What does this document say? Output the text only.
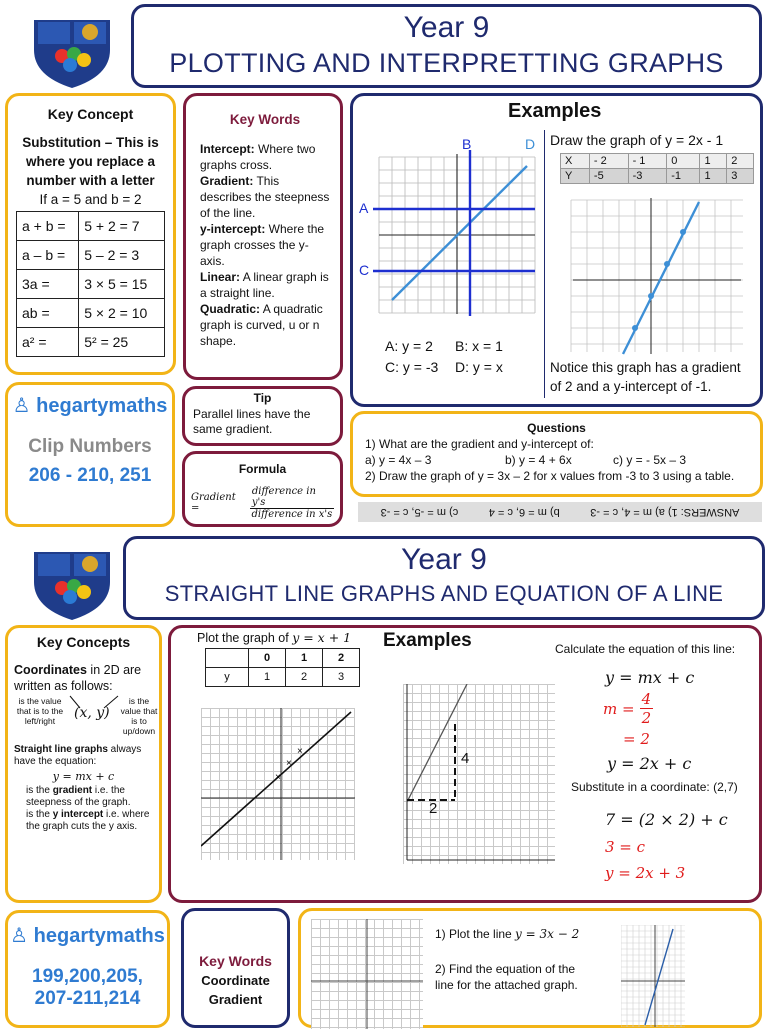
Year 9
PLOTTING AND INTERPRETTING GRAPHS
Key Concept
Substitution – This is where you replace a number with a letter
If a = 5 and b = 2
a + b =	5 + 2 = 7
a – b =	5 – 2 = 3
3a =	3 × 5 = 15
ab =	5 × 2 = 10
a² =	5² = 25
Key Words
Intercept: Where two graphs cross.
Gradient: This describes the steepness of the line.
y-intercept: Where the graph crosses the y-axis.
Linear: A linear graph is a straight line.
Quadratic: A quadratic graph is curved, u or n shape.
Examples
A
B
C
D
A: y = 2 B: x = 1
C: y = -3 D: y = x
Draw the graph of y = 2x - 1
X	- 2	- 1	0	1	2
Y	-5	-3	-1	1	3
Notice this graph has a gradient of 2 and a y-intercept of -1.
♙ hegartymaths
Clip Numbers
206 - 210, 251
Tip
Parallel lines have the same gradient.
Formula
Gradient =
difference in y's
difference in x's
Questions
1) What are the gradient and y-intercept of:
a) y = 4x – 3	b) y = 4 + 6x	c) y = - 5x – 3
2) Draw the graph of y = 3x – 2 for x values from -3 to 3 using a table.
ANSWERS: 1) a) m = 4, c = -3          b) m = 6, c = 4          c) m = -5, c = -3
Year 9
STRAIGHT LINE GRAPHS AND EQUATION OF A LINE
Key Concepts
Coordinates in 2D are written as follows:
is the value that is to the left/right	(x, y)
is the value that is to up/down
Straight line graphs always have the equation:
y = mx + c
is the gradient i.e. the steepness of the graph.
is the y intercept i.e. where the graph cuts the y axis.
Plot the graph of y = x + 1
	0	1	2
y	1	2	3
×
×
×
Examples
4
2
Calculate the equation of this line:
y = mx + c
$m = \frac{4}{2}$
= 2
y = 2x + c
Substitute in a coordinate: (2,7)
7 = (2 × 2) + c
3 = c
y = 2x + 3
♙ hegartymaths
199,200,205,
207-211,214
Key Words
Coordinate
Gradient
1) Plot the line y = 3x − 2
2) Find the equation of the line for the attached graph.
